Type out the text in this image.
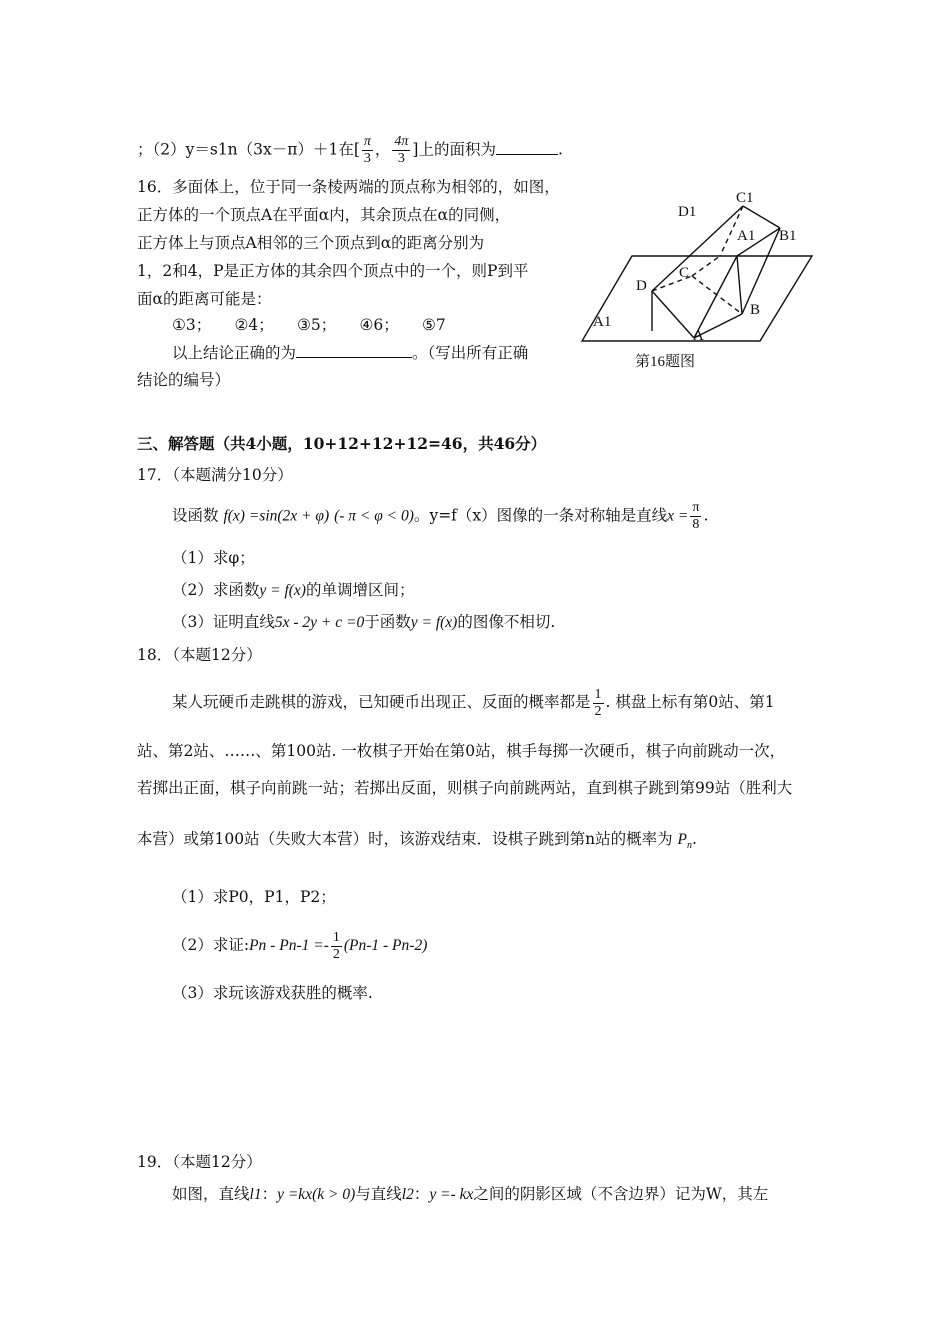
；（2）y＝s1n（3x－π）＋1在[ $\frac{\pi}{3}$ ， $\frac{4\pi}{3}$ ]上的面积为	.
16．多面体上，位于同一条棱两端的顶点称为相邻的，如图，
正方体的一个顶点A在平面α内，其余顶点在α的同侧，
正方体上与顶点A相邻的三个顶点到α的距离分别为
1，2和4，P是正方体的其余四个顶点中的一个，则P到平
面α的距离可能是：
①3；　　②4；　　③5；　　④6；　　⑤7
以上结论正确的为	。（写出所有正确
结论的编号）
D1
C1
A1 B1
C
D
B
A
A1
第16题图
三、解答题（共4小题，10+12+12+12=46，共46分）
17．（本题满分10分）
设函数 f(x) =sin(2x + φ) (- π < φ < 0)。y=f（x）图像的一条对称轴是直线$x = \frac{\pi}{8}$ .
（1）求φ；
（2）求函数y = f(x)的单调增区间；
（3）证明直线5x - 2y + c =0于函数y = f(x)的图像不相切.
18．（本题12分）
某人玩硬币走跳棋的游戏，已知硬币出现正、反面的概率都是 $\frac{1}{2}$ . 棋盘上标有第0站、第1
站、第2站、……、第100站. 一枚棋子开始在第0站，棋手每掷一次硬币，棋子向前跳动一次，
若掷出正面，棋子向前跳一站；若掷出反面，则棋子向前跳两站，直到棋子跳到第99站（胜利大
本营）或第100站（失败大本营）时，该游戏结束．设棋子跳到第n站的概率为 $P_n$.
（1）求P0，P1，P2；
（2）求证:Pn - $Pn-1 =- \frac{1}{2} (Pn-1 - Pn-2)$
（3）求玩该游戏获胜的概率.
19．（本题12分）
如图，直线l1：y =kx(k > 0)与直线l2：y =- kx之间的阴影区域（不含边界）记为W，其左
